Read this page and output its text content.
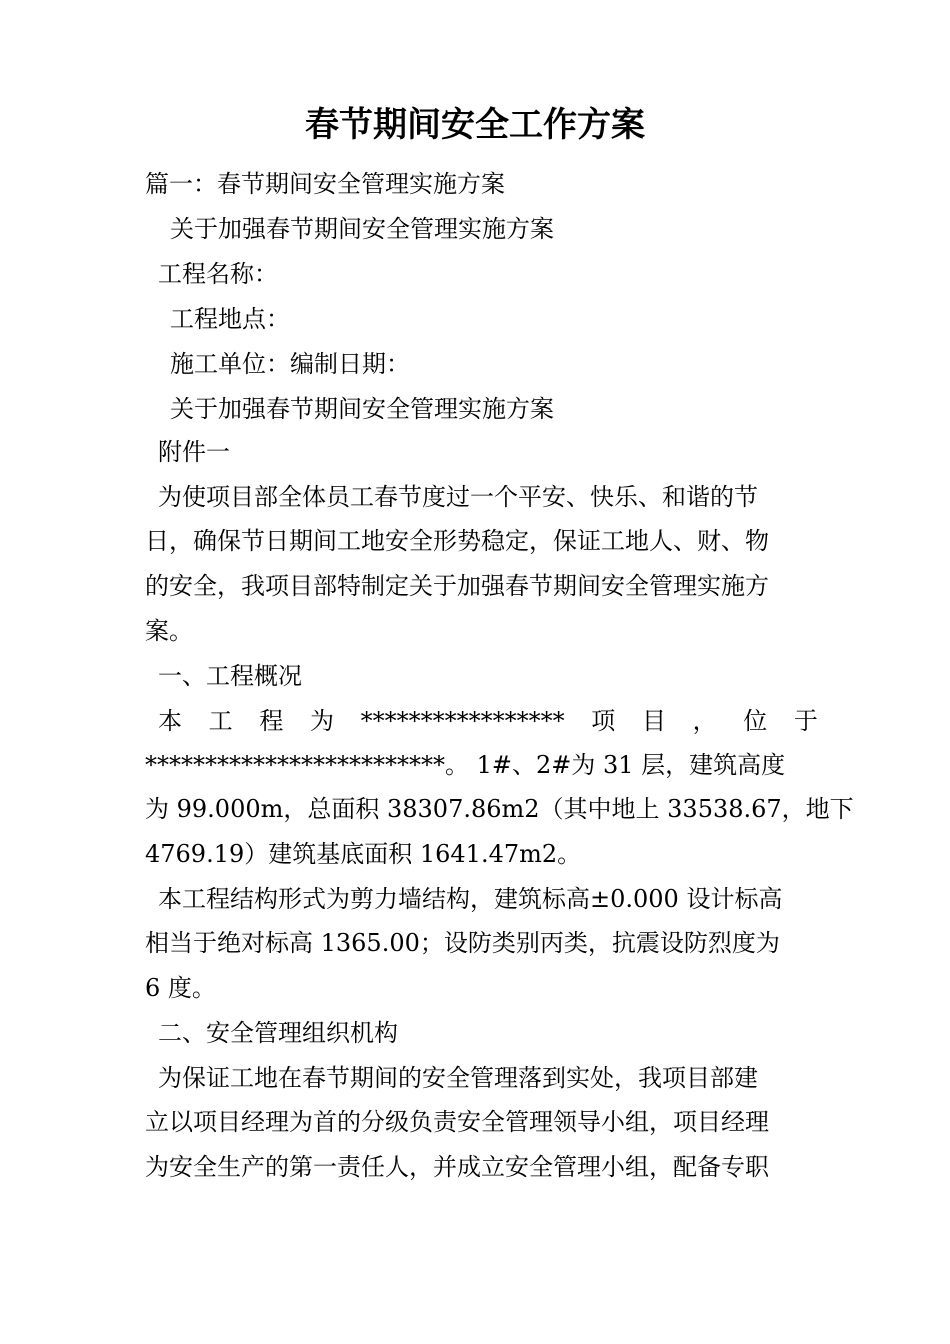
春节期间安全工作方案
篇一：春节期间安全管理实施方案
关于加强春节期间安全管理实施方案
工程名称：
工程地点：
施工单位：编制日期：
关于加强春节期间安全管理实施方案
附件一
为使项目部全体员工春节度过一个平安、快乐、和谐的节
日，确保节日期间工地安全形势稳定，保证工地人、财、物
的安全，我项目部特制定关于加强春节期间安全管理实施方
案。
一、工程概况
本 工 程 为 ***************** 项 目 ， 位 于
*************************。 1#、2#为 31 层，建筑高度
为 99.000m，总面积 38307.86m2（其中地上 33538.67，地下
4769.19）建筑基底面积 1641.47m2。
本工程结构形式为剪力墙结构，建筑标高±0.000 设计标高
相当于绝对标高 1365.00；设防类别丙类，抗震设防烈度为
6 度。
二、安全管理组织机构
为保证工地在春节期间的安全管理落到实处，我项目部建
立以项目经理为首的分级负责安全管理领导小组，项目经理
为安全生产的第一责任人，并成立安全管理小组，配备专职
